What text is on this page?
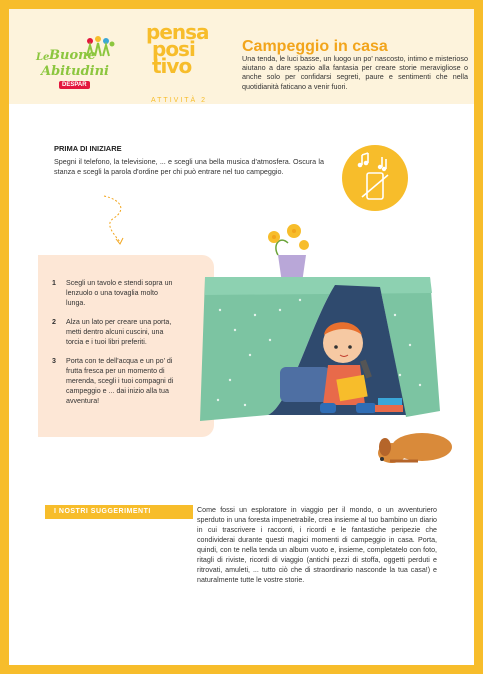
Le Buone
Abitudini
DESPAR
pensa
posi
tivo
ATTIVITÀ 2
Campeggio in casa

Una tenda, le luci basse, un luogo un po' nascosto, intimo e misterioso aiutano a dare spazio alla fantasia per creare storie meravigliose o anche solo per confidarsi segreti, paure e sentimenti che nella quotidianità faticano a venir fuori.

PRIMA DI INIZIARE

Spegni il telefono, la televisione, ... e scegli una bella musica d'atmosfera. Oscura la stanza e scegli la parola d'ordine per chi può entrare nel tuo campeggio.

1 Scegli un tavolo e stendi sopra un lenzuolo o una tovaglia molto lunga.
2 Alza un lato per creare una porta, metti dentro alcuni cuscini, una torcia e i tuoi libri preferiti.
3 Porta con te dell'acqua e un po' di frutta fresca per un momento di merenda, scegli i tuoi compagni di campeggio e ... dai inizio alla tua avventura!
I NOSTRI SUGGERIMENTI	Come fossi un esploratore in viaggio per il mondo, o un avventuriero sperduto in una foresta impenetrabile, crea insieme al tuo bambino un diario in cui trascrivere i racconti, i ricordi e le fantastiche peripezie che condividerai durante questi magici momenti di campeggio in casa. Porta, quindi, con te nella tenda un album vuoto e, insieme, completatelo con foto, ritagli di riviste, ricordi di viaggio (antichi pezzi di stoffa, oggetti perduti e ritrovati, amuleti, ... tutto ciò che di straordinario nasconde la tua casa!) e naturalmente tutte le vostre storie.
